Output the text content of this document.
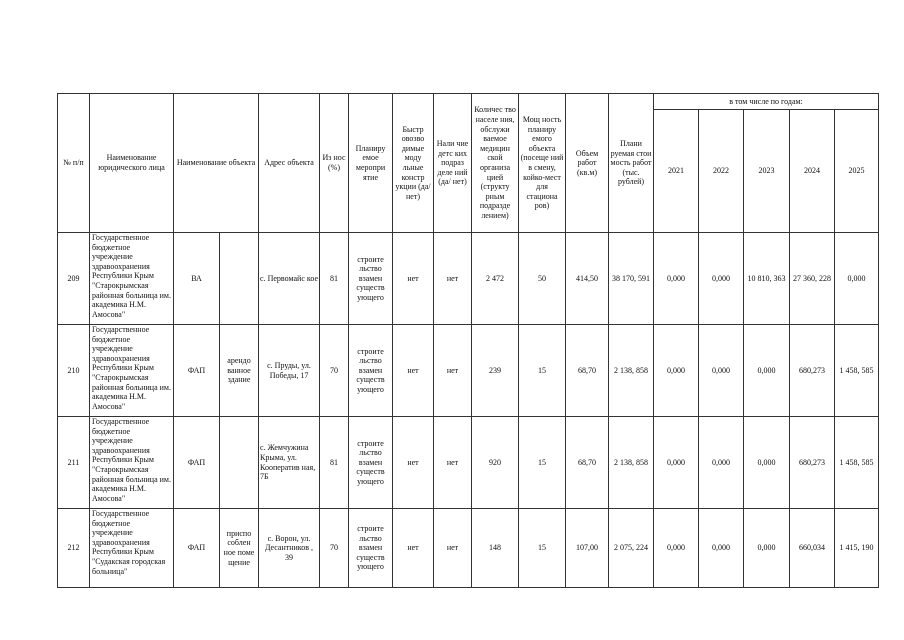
№ п/п	Наименование юридического лица	Наименование объекта		Адрес объекта	Из нос (%)	Планиру емое меропри ятие	Быстр овозво димые моду льные констр укции (да/ нет)	Нали чие детс ких подраз деле ний (да/ нет)	Количес тво населе ния, обслужи ваемое медицин ской организа цией (структу рным подразде лением)	Мощ ность планиру емого объекта (посеще ний в смену, койко-мест для стациона ров)	Объем работ (кв.м)	Плани руемая стои мость работ (тыс. рублей)	в том числе по годам:				
													2021	2022	2023	2024	2025
209	Государственное бюджетное учреждение здравоохранения Республики Крым "Старокрымская районная больница им. академика Н.М. Амосова"	ВА		с. Первомайс кое	81	строите льство взамен существ ующего	нет	нет	2 472	50	414,50	38 170, 591	0,000	0,000	10 810, 363	27 360, 228	0,000
210	Государственное бюджетное учреждение здравоохранения Республики Крым "Старокрымская районная больница им. академика Н.М. Амосова"	ФАП	арендо ванное здание	с. Пруды, ул. Победы, 17	70	строите льство взамен существ ующего	нет	нет	239	15	68,70	2 138, 858	0,000	0,000	0,000	680,273	1 458, 585
211	Государственное бюджетное учреждение здравоохранения Республики Крым "Старокрымская районная больница им. академика Н.М. Амосова"	ФАП		с. Жемчужина Крыма, ул. Кооператив ная, 7Б	81	строите льство взамен существ ующего	нет	нет	920	15	68,70	2 138, 858	0,000	0,000	0,000	680,273	1 458, 585
212	Государственное бюджетное учреждение здравоохранения Республики Крым "Судакская городская больница"	ФАП	приспо соблен ное поме щение	с. Ворон, ул. Десантников , 39	70	строите льство взамен существ ующего	нет	нет	148	15	107,00	2 075, 224	0,000	0,000	0,000	660,034	1 415, 190
